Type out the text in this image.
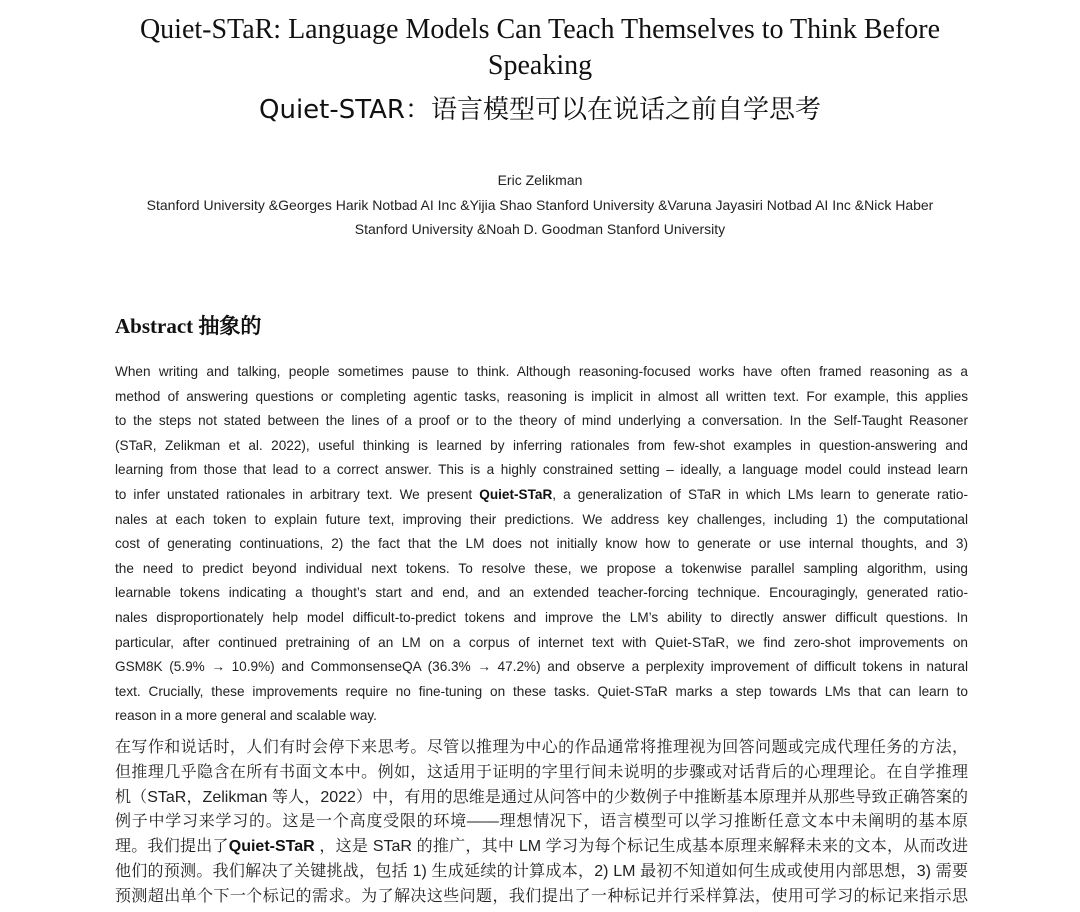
Quiet-STaR: Language Models Can Teach Themselves to Think Before
Speaking
Quiet-STAR：语言模型可以在说话之前自学思考
Eric Zelikman
Stanford University &Georges Harik Notbad AI Inc &Yijia Shao Stanford University &Varuna Jayasiri Notbad AI Inc &Nick Haber
Stanford University &Noah D. Goodman Stanford University
Abstract 抽象的
When writing and talking, people sometimes pause to think. Although reasoning-focused works have often framed reasoning as a
method of answering questions or completing agentic tasks, reasoning is implicit in almost all written text. For example, this applies
to the steps not stated between the lines of a proof or to the theory of mind underlying a conversation. In the Self-Taught Reasoner
(STaR, Zelikman et al. 2022), useful thinking is learned by inferring rationales from few-shot examples in question-answering and
learning from those that lead to a correct answer. This is a highly constrained setting – ideally, a language model could instead learn
to infer unstated rationales in arbitrary text. We present Quiet-STaR, a generalization of STaR in which LMs learn to generate ratio-
nales at each token to explain future text, improving their predictions. We address key challenges, including 1) the computational
cost of generating continuations, 2) the fact that the LM does not initially know how to generate or use internal thoughts, and 3)
the need to predict beyond individual next tokens. To resolve these, we propose a tokenwise parallel sampling algorithm, using
learnable tokens indicating a thought’s start and end, and an extended teacher-forcing technique. Encouragingly, generated ratio-
nales disproportionately help model difficult-to-predict tokens and improve the LM’s ability to directly answer difficult questions. In
particular, after continued pretraining of an LM on a corpus of internet text with Quiet-STaR, we find zero-shot improvements on
GSM8K (5.9% → 10.9%) and CommonsenseQA (36.3% → 47.2%) and observe a perplexity improvement of difficult tokens in natural
text. Crucially, these improvements require no fine-tuning on these tasks. Quiet-STaR marks a step towards LMs that can learn to
reason in a more general and scalable way.
在写作和说话时，人们有时会停下来思考。尽管以推理为中心的作品通常将推理视为回答问题或完成代理任务的方法，
但推理几乎隐含在所有书面文本中。例如，这适用于证明的字里行间未说明的步骤或对话背后的心理理论。在自学推理
机（STaR，Zelikman 等人，2022）中，有用的思维是通过从问答中的少数例子中推断基本原理并从那些导致正确答案的
例子中学习来学习的。这是一个高度受限的环境——理想情况下，语言模型可以学习推断任意文本中未阐明的基本原
理。我们提出了Quiet-STaR ，这是 STaR 的推广，其中 LM 学习为每个标记生成基本原理来解释未来的文本，从而改进
他们的预测。我们解决了关键挑战，包括 1) 生成延续的计算成本，2) LM 最初不知道如何生成或使用内部思想，3) 需要
预测超出单个下一个标记的需求。为了解决这些问题，我们提出了一种标记并行采样算法，使用可学习的标记来指示思
